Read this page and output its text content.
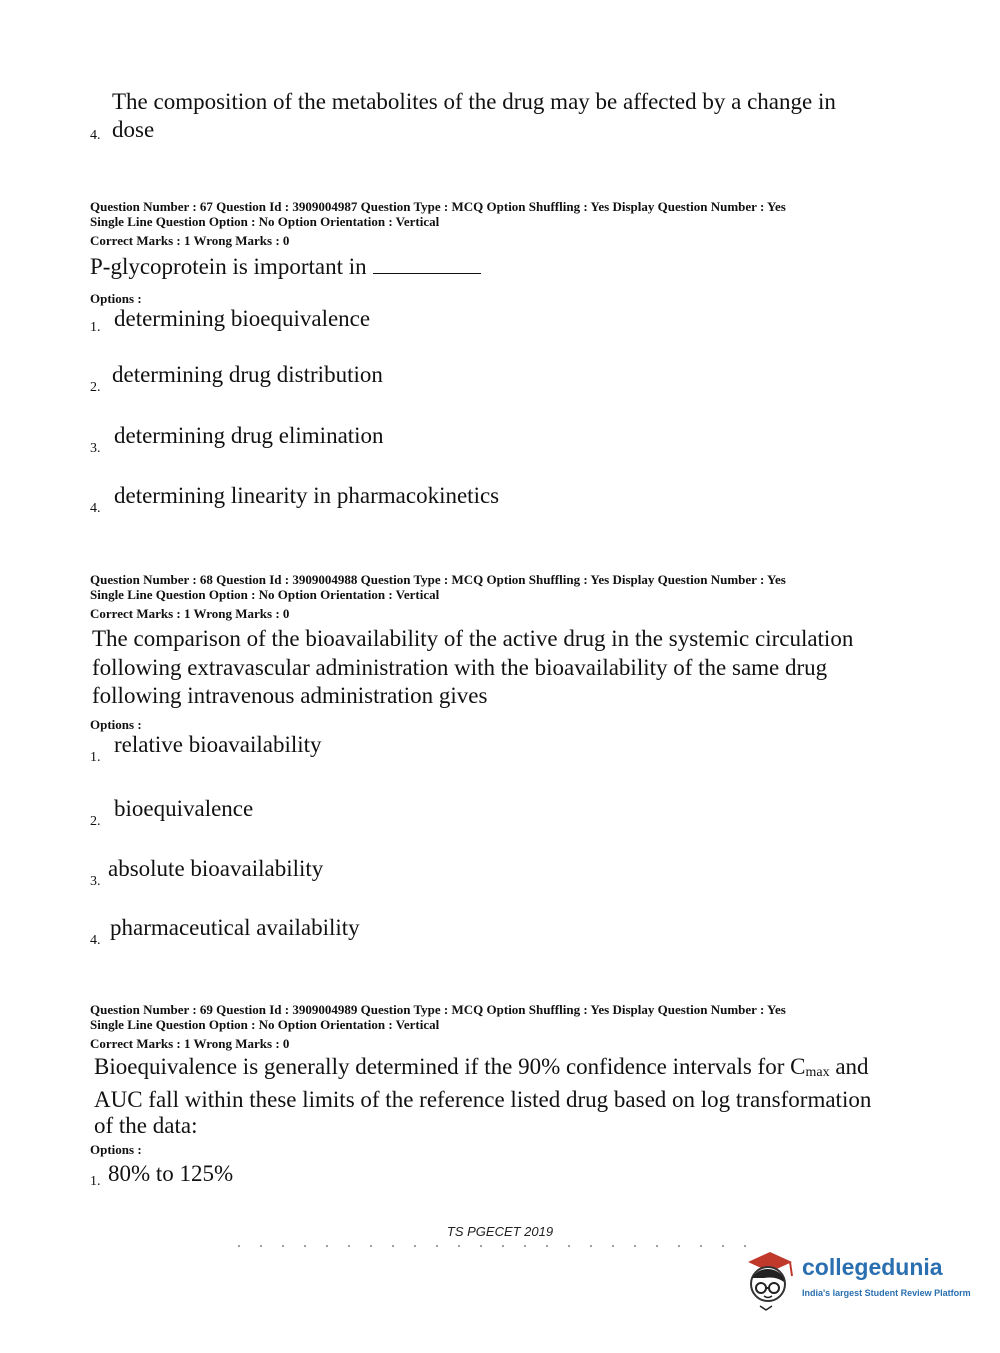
4.
The composition of the metabolites of the drug may be affected by a change in
dose
Question Number : 67 Question Id : 3909004987 Question Type : MCQ Option Shuffling : Yes Display Question Number : Yes
Single Line Question Option : No Option Orientation : Vertical
Correct Marks : 1 Wrong Marks : 0
P-glycoprotein is important in
Options :
1. determining bioequivalence
2.
determining drug distribution
3.
determining drug elimination
4.
determining linearity in pharmacokinetics
Question Number : 68 Question Id : 3909004988 Question Type : MCQ Option Shuffling : Yes Display Question Number : Yes
Single Line Question Option : No Option Orientation : Vertical
Correct Marks : 1 Wrong Marks : 0
The comparison of the bioavailability of the active drug in the systemic circulation following extravascular administration with the bioavailability of the same drug following intravenous administration gives
Options :
1.
relative bioavailability
2.
bioequivalence
3.
absolute bioavailability
4.
pharmaceutical availability
Question Number : 69 Question Id : 3909004989 Question Type : MCQ Option Shuffling : Yes Display Question Number : Yes
Single Line Question Option : No Option Orientation : Vertical
Correct Marks : 1 Wrong Marks : 0
Bioequivalence is generally determined if the 90% confidence intervals for $C_{max}$ and AUC fall within these limits of the reference listed drug based on log transformation of the data:
Options :
1. 80% to 125%
TS PGECET 2019
collegedunia
India's largest Student Review Platform
